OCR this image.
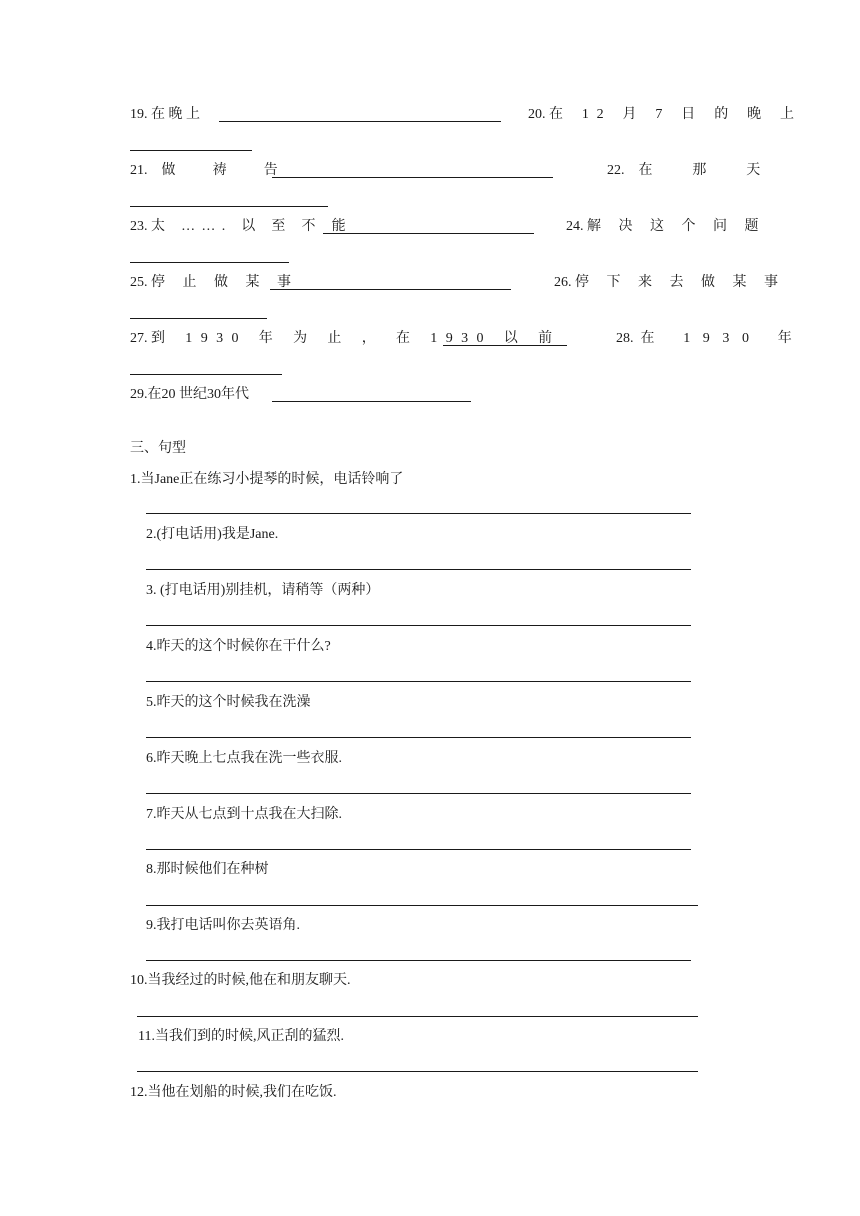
19. 在 晚 上	20. 在 12 月 7 日 的 晚 上
21. 做 祷 告	22. 在 那 天
23. 太 ……. 以 至 不 能	24. 解 决 这 个 问 题
25. 停 止 做 某 事	26. 停 下 来 去 做 某 事
27. 到 1930 年 为 止 ， 在 1930 以 前	28. 在 1930 年
29.在20 世纪30年代
三、句型
1.当Jane正在练习小提琴的时候，电话铃响了
2.(打电话用)我是Jane.
3. (打电话用)别挂机，请稍等（两种）
4.昨天的这个时候你在干什么?
5.昨天的这个时候我在洗澡
6.昨天晚上七点我在洗一些衣服.
7.昨天从七点到十点我在大扫除.
8.那时候他们在种树
9.我打电话叫你去英语角.
10.当我经过的时候,他在和朋友聊天.
11.当我们到的时候,风正刮的猛烈.
12.当他在划船的时候,我们在吃饭.
